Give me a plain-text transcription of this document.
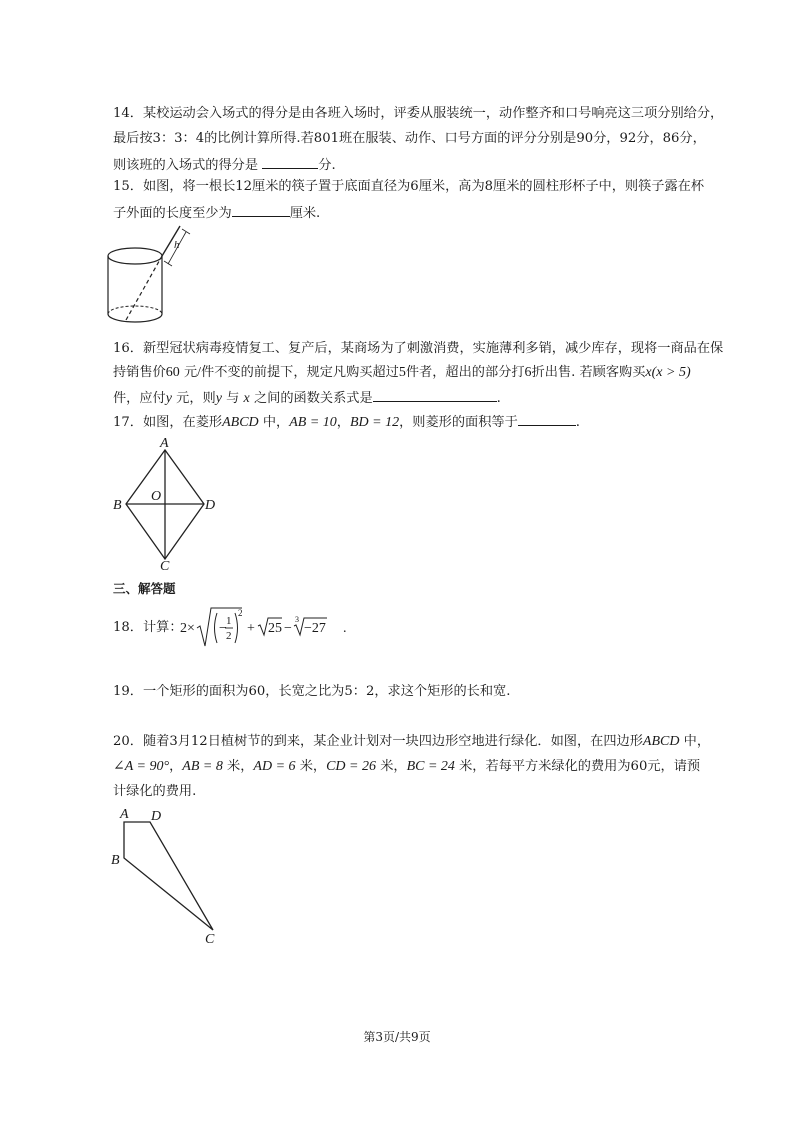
14．某校运动会入场式的得分是由各班入场时，评委从服装统一，动作整齐和口号响亮这三项分别给分，
最后按3：3：4的比例计算所得.若801班在服装、动作、口号方面的评分分别是90分，92分，86分，
则该班的入场式的得分是	分.
15．如图，将一根长12厘米的筷子置于底面直径为6厘米，高为8厘米的圆柱形杯子中，则筷子露在杯
子外面的长度至少为	厘米.
h
16．新型冠状病毒疫情复工、复产后，某商场为了刺激消费，实施薄利多销，减少库存，现将一商品在保
持销售价60 元/件不变的前提下，规定凡购买超过5件者，超出的部分打6折出售. 若顾客购买x(x > 5)
件，应付y 元，则y 与 x 之间的函数关系式是	.
17．如图，在菱形ABCD 中，AB = 10，BD = 12，则菱形的面积等于	.
A
B
C
D
O
三、解答题
18．计算：
2× − 1
2
2
+ 25 −
3
−27 .
19．一个矩形的面积为60，长宽之比为5：2，求这个矩形的长和宽.
20．随着3月12日植树节的到来，某企业计划对一块四边形空地进行绿化．如图，在四边形ABCD 中，
∠A = 90°，AB = 8 米，AD = 6 米，CD = 26 米，BC = 24 米，若每平方米绿化的费用为60元，请预
计绿化的费用.
A D
B
C
第3页/共9页
